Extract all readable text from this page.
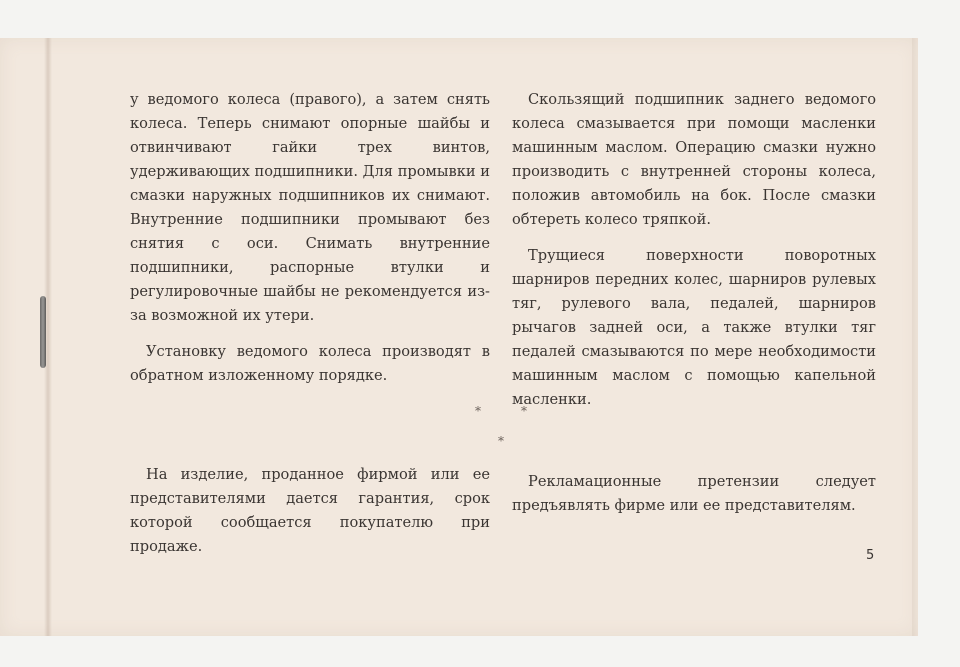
у ведомого колеса (правого), а затем снять колеса. Теперь снимают опорные шайбы и отвинчивают гайки трех винтов, удерживающих подшипники. Для промывки и смазки наружных подшипников их снимают. Внутренние подшипники промывают без снятия с оси. Снимать внутренние подшипники, распорные втулки и регулировочные шайбы не рекомендуется из-за возможной их утери.

Установку ведомого колеса производят в обратном изложенному порядке.

Скользящий подшипник заднего ведомого колеса смазывается при помощи масленки машинным маслом. Операцию смазки нужно производить с внутренней стороны колеса, положив автомобиль на бок. После смазки обтереть колесо тряпкой.

Трущиеся поверхности поворотных шарниров передних колес, шарниров рулевых тяг, рулевого вала, педалей, шарниров рычагов задней оси, а также втулки тяг педалей смазываются по мере необходимости машинным маслом с помощью капельной масленки.

*	*
*

На изделие, проданное фирмой или ее представителями дается гарантия, срок которой сообщается покупателю при продаже.

Рекламационные претензии следует предъявлять фирме или ее представителям.

5
